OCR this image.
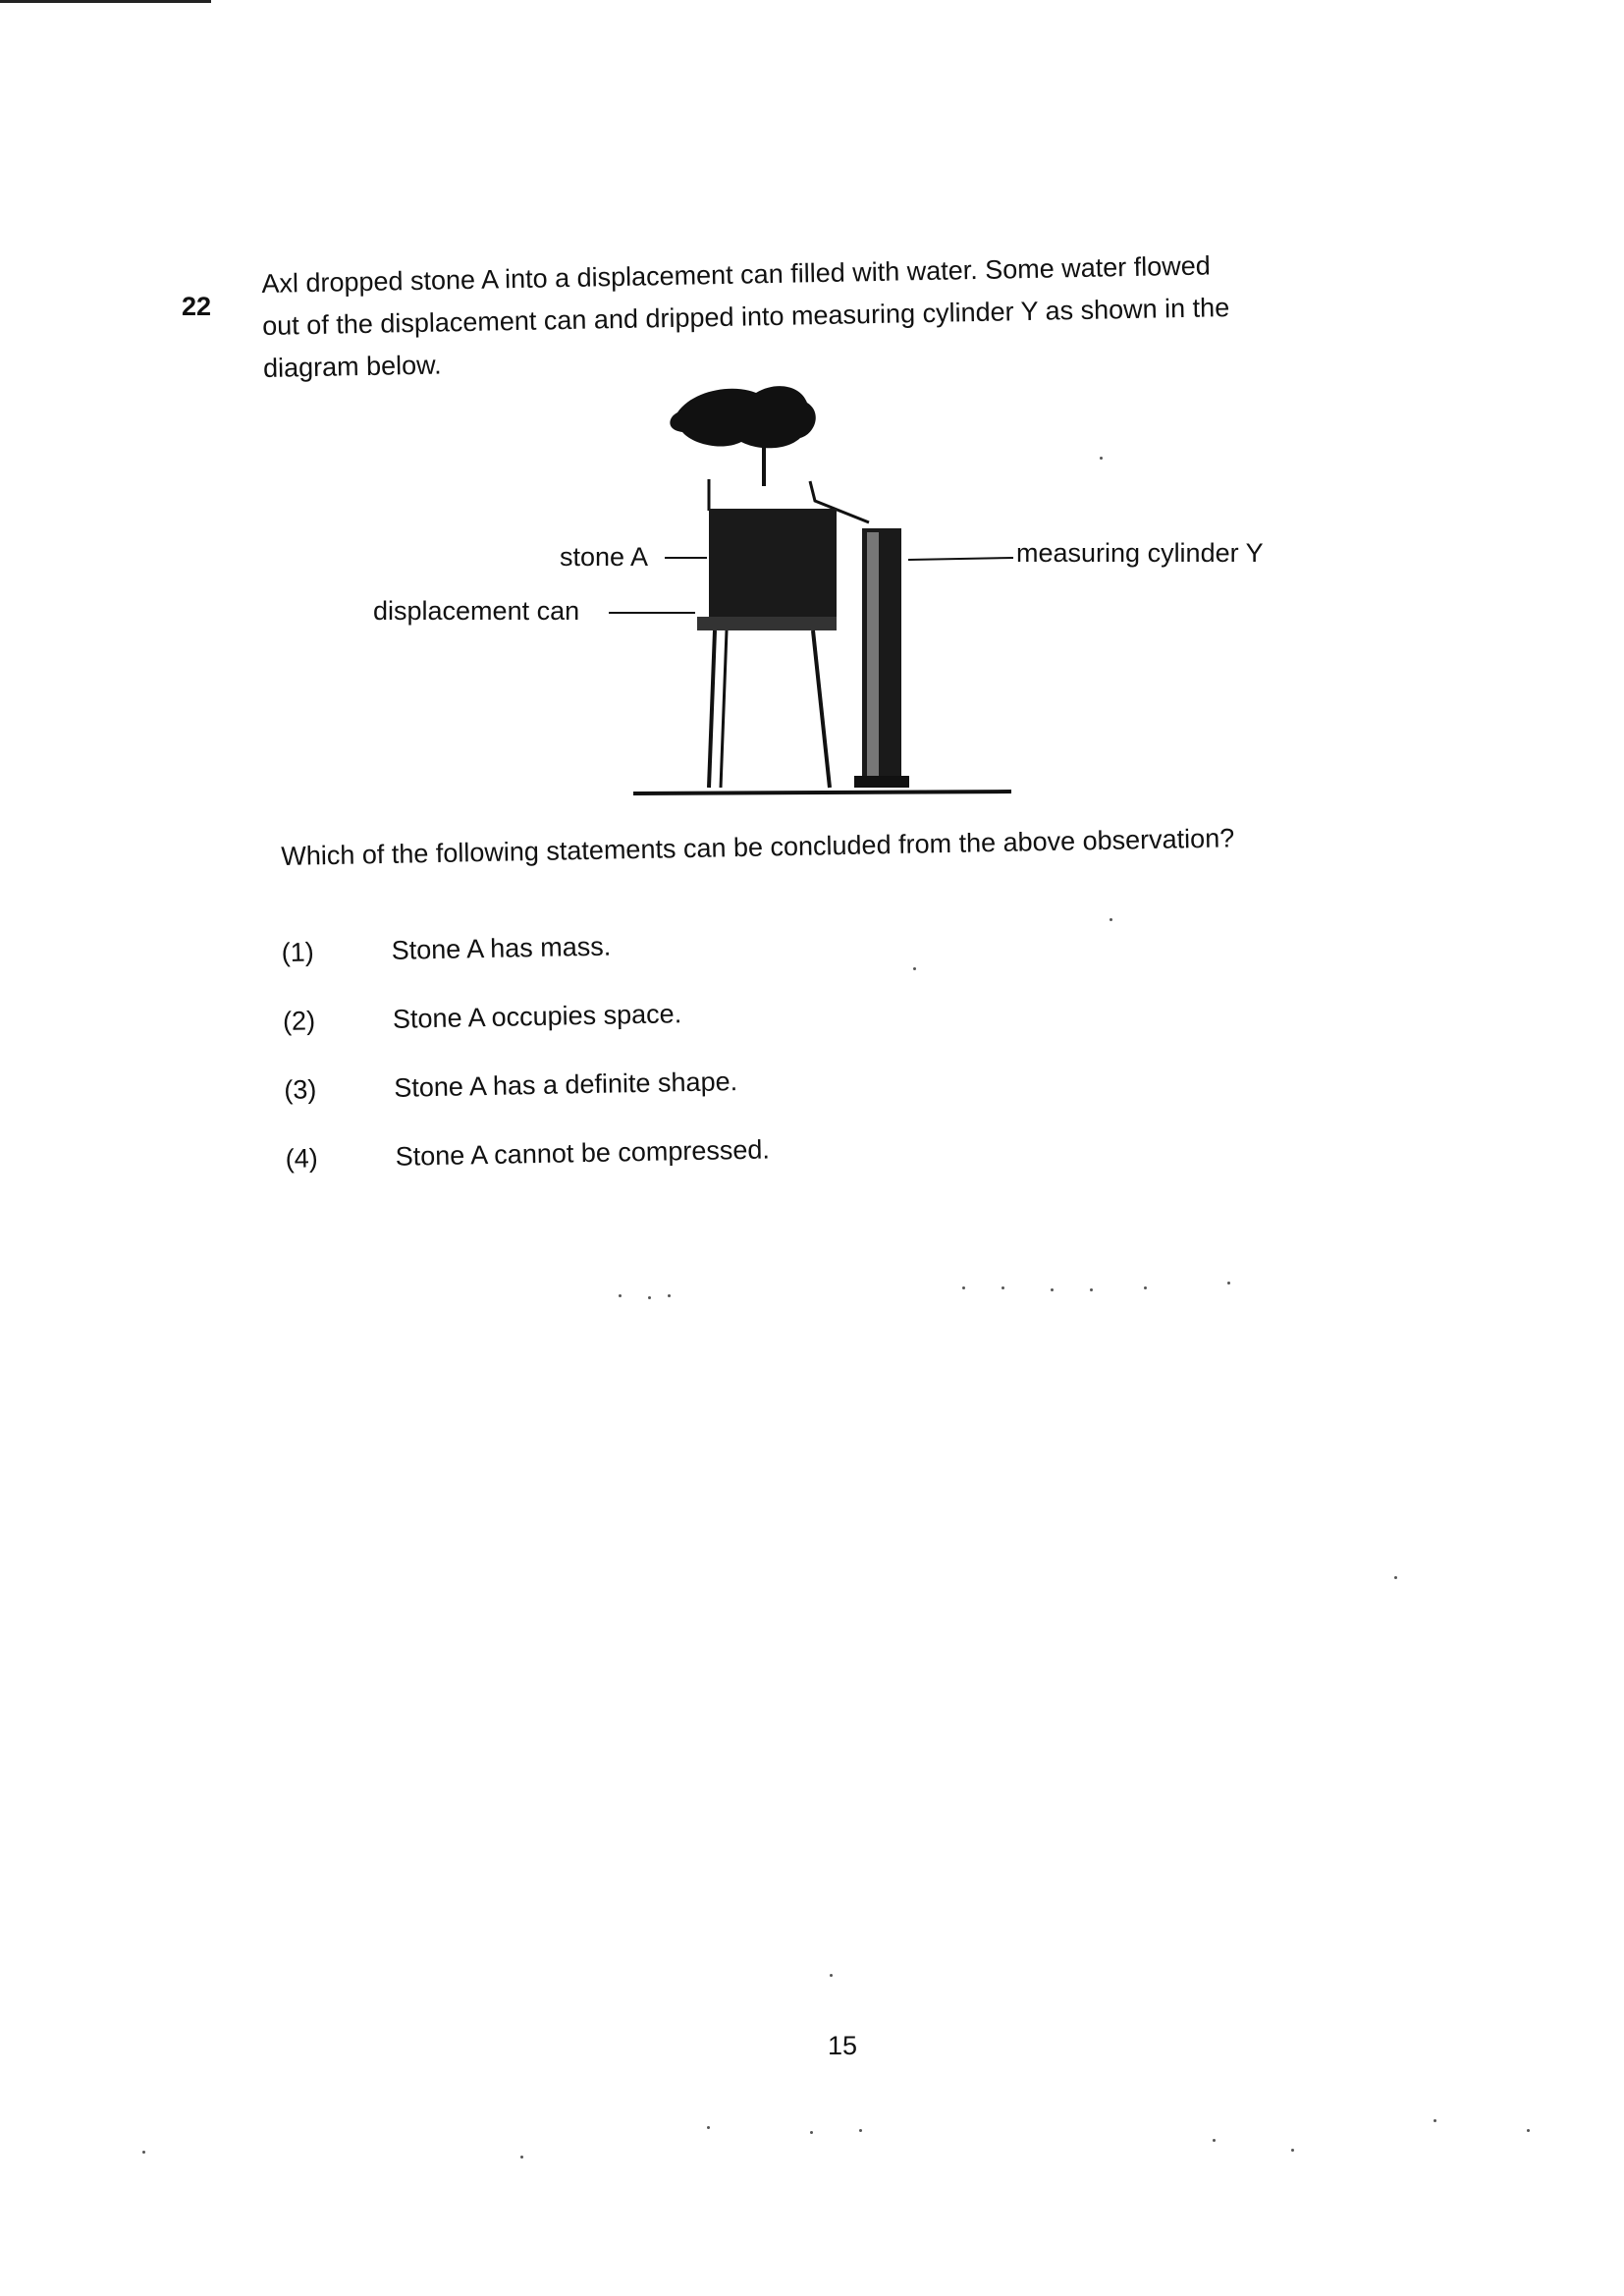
22

Axl dropped stone A into a displacement can filled with water. Some water flowed

out of the displacement can and dripped into measuring cylinder Y as shown in the

diagram below.

stone A
displacement can
measuring cylinder Y
Which of the following statements can be concluded from the above observation?
(1)	Stone A has mass.
(2)	Stone A occupies space.
(3)	Stone A has a definite shape.
(4)	Stone A cannot be compressed.
15
